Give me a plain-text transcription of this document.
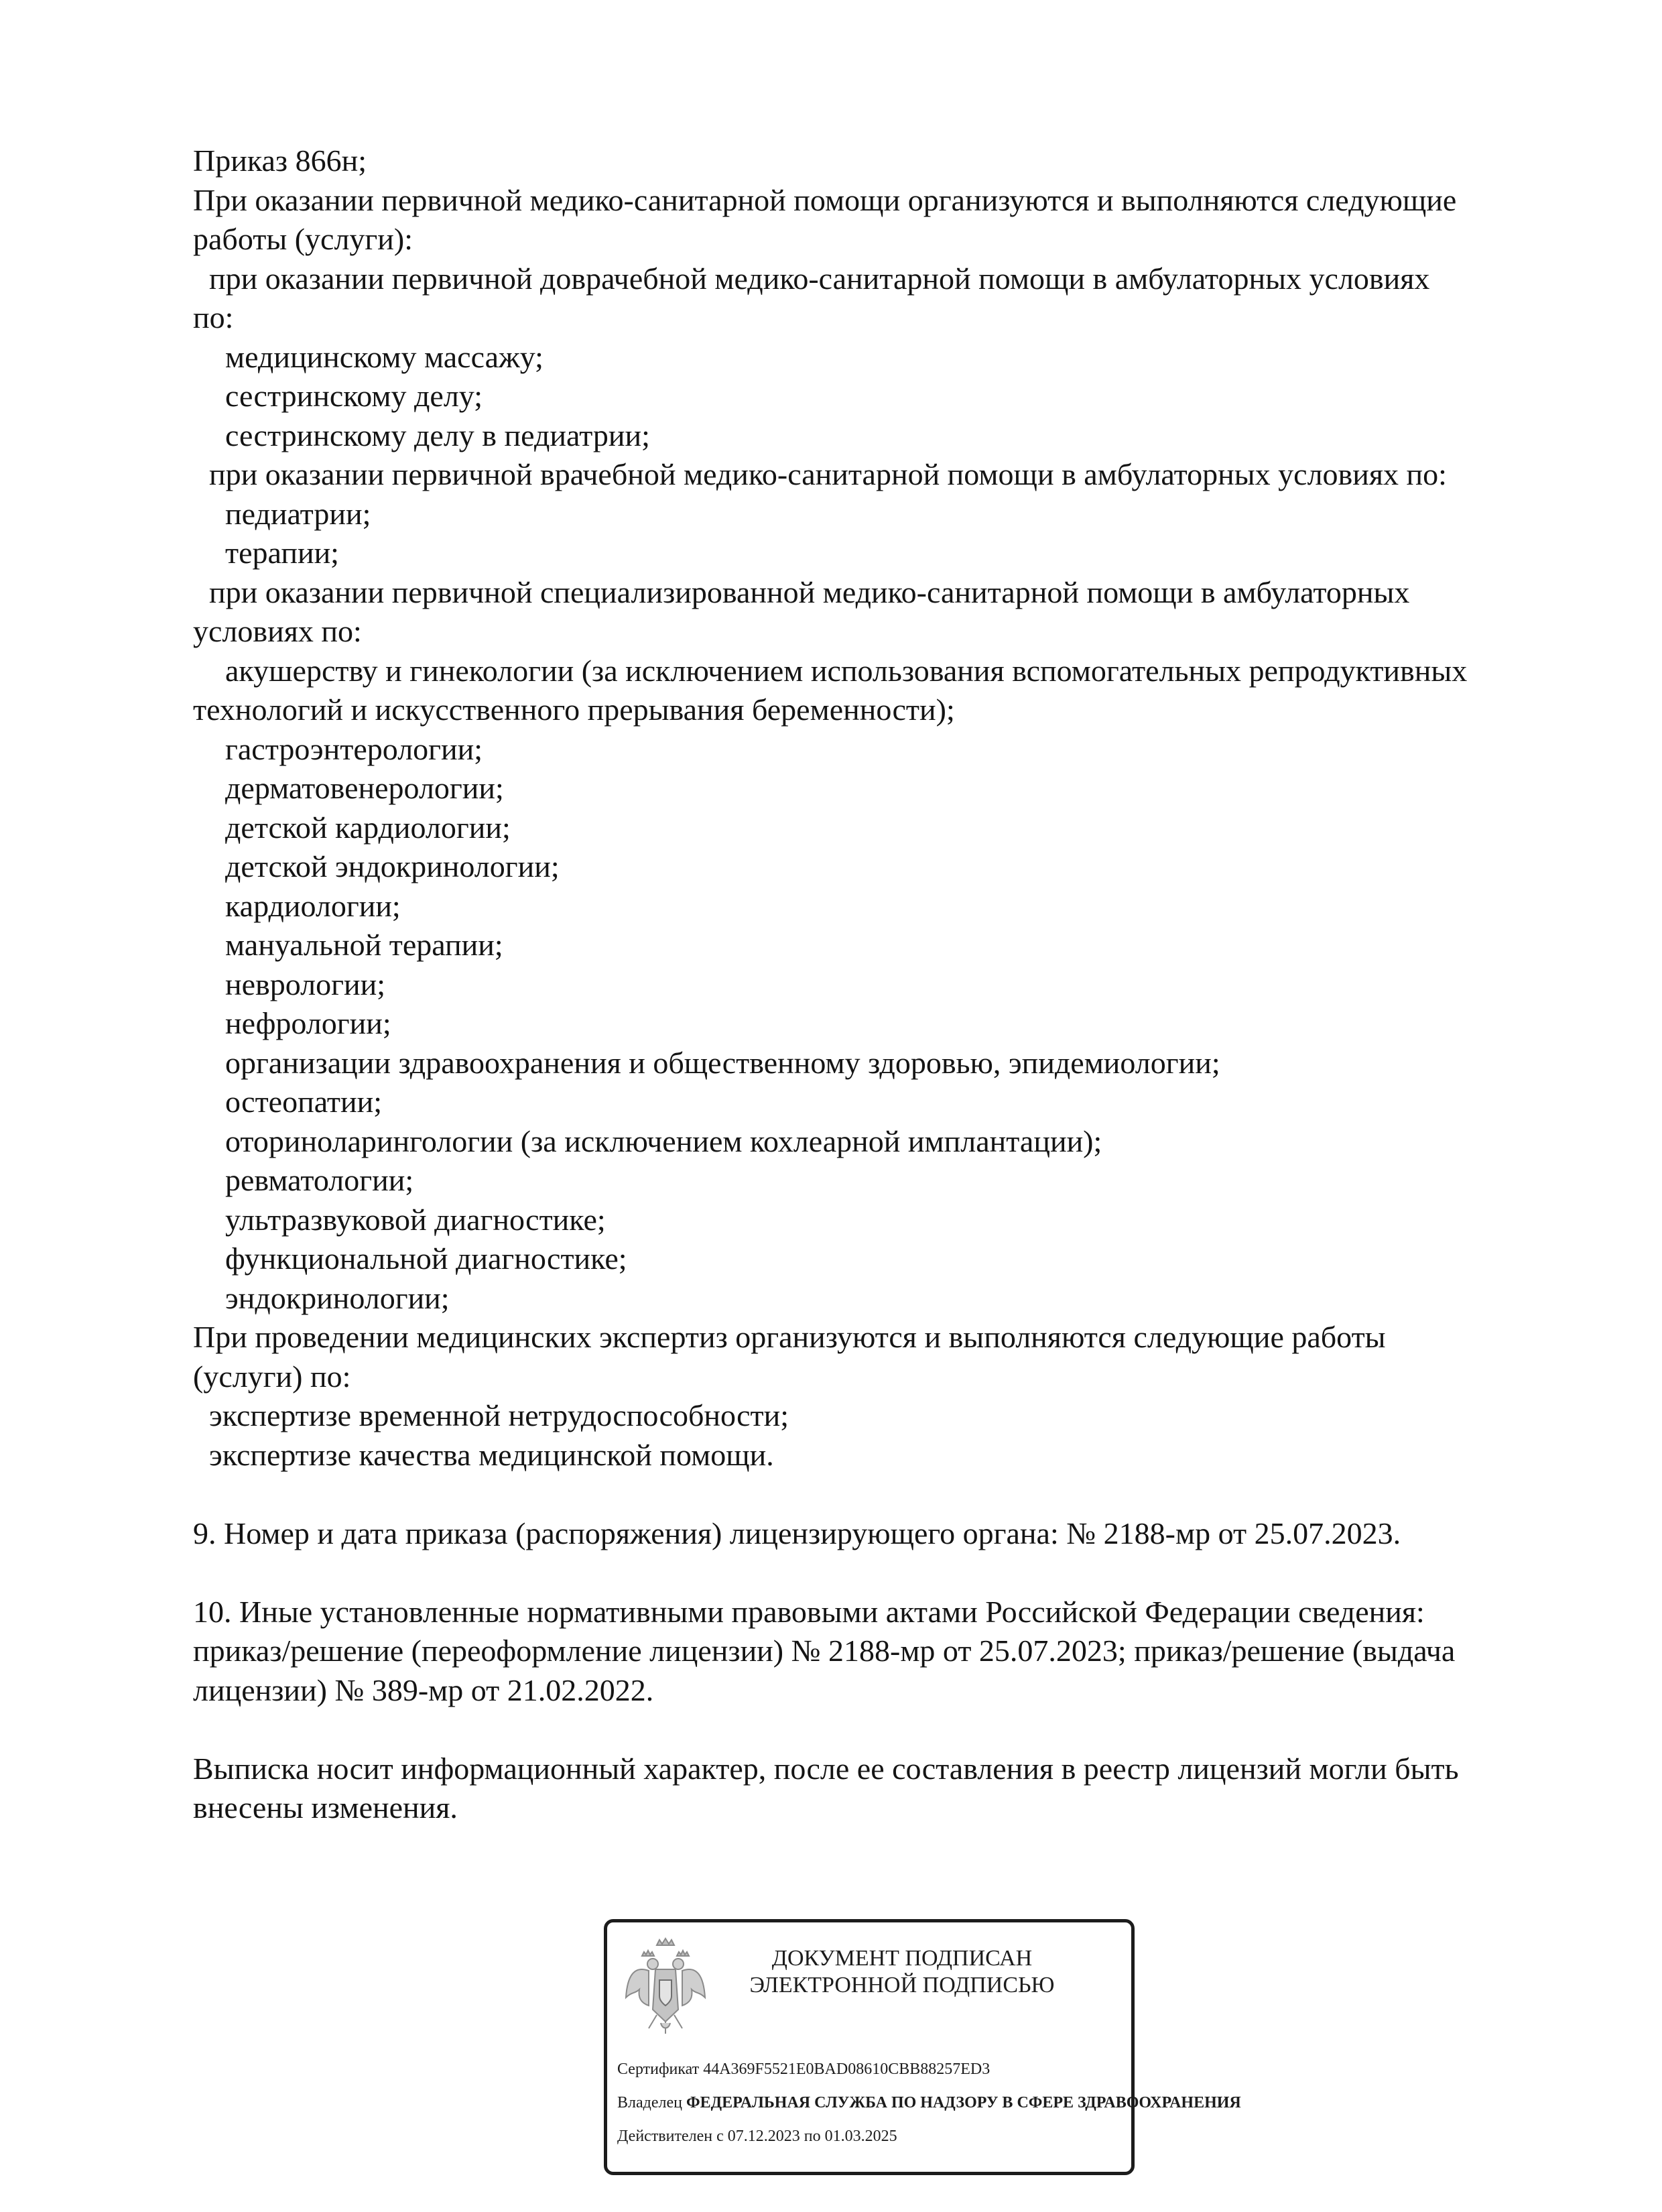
Приказ 866н;
При оказании первичной медико-санитарной помощи организуются и выполняются следующие
работы (услуги):
при оказании первичной доврачебной медико-санитарной помощи в амбулаторных условиях
по:
медицинскому массажу;
сестринскому делу;
сестринскому делу в педиатрии;
при оказании первичной врачебной медико-санитарной помощи в амбулаторных условиях по:
педиатрии;
терапии;
при оказании первичной специализированной медико-санитарной помощи в амбулаторных
условиях по:
акушерству и гинекологии (за исключением использования вспомогательных репродуктивных
технологий и искусственного прерывания беременности);
гастроэнтерологии;
дерматовенерологии;
детской кардиологии;
детской эндокринологии;
кардиологии;
мануальной терапии;
неврологии;
нефрологии;
организации здравоохранения и общественному здоровью, эпидемиологии;
остеопатии;
оториноларингологии (за исключением кохлеарной имплантации);
ревматологии;
ультразвуковой диагностике;
функциональной диагностике;
эндокринологии;
При проведении медицинских экспертиз организуются и выполняются следующие работы
(услуги) по:
экспертизе временной нетрудоспособности;
экспертизе качества медицинской помощи.
9. Номер и дата приказа (распоряжения) лицензирующего органа: № 2188-мр от 25.07.2023.
10. Иные установленные нормативными правовыми актами Российской Федерации сведения:
приказ/решение (переоформление лицензии) № 2188-мр от 25.07.2023; приказ/решение (выдача
лицензии) № 389-мр от 21.02.2022.
Выписка носит информационный характер, после ее составления в реестр лицензий могли быть
внесены изменения.
ДОКУМЕНТ ПОДПИСАН
ЭЛЕКТРОННОЙ ПОДПИСЬЮ
Сертификат 44A369F5521E0BAD08610CBB88257ED3
Владелец ФЕДЕРАЛЬНАЯ СЛУЖБА ПО НАДЗОРУ В СФЕРЕ ЗДРАВООХРАНЕНИЯ
Действителен с 07.12.2023 по 01.03.2025
